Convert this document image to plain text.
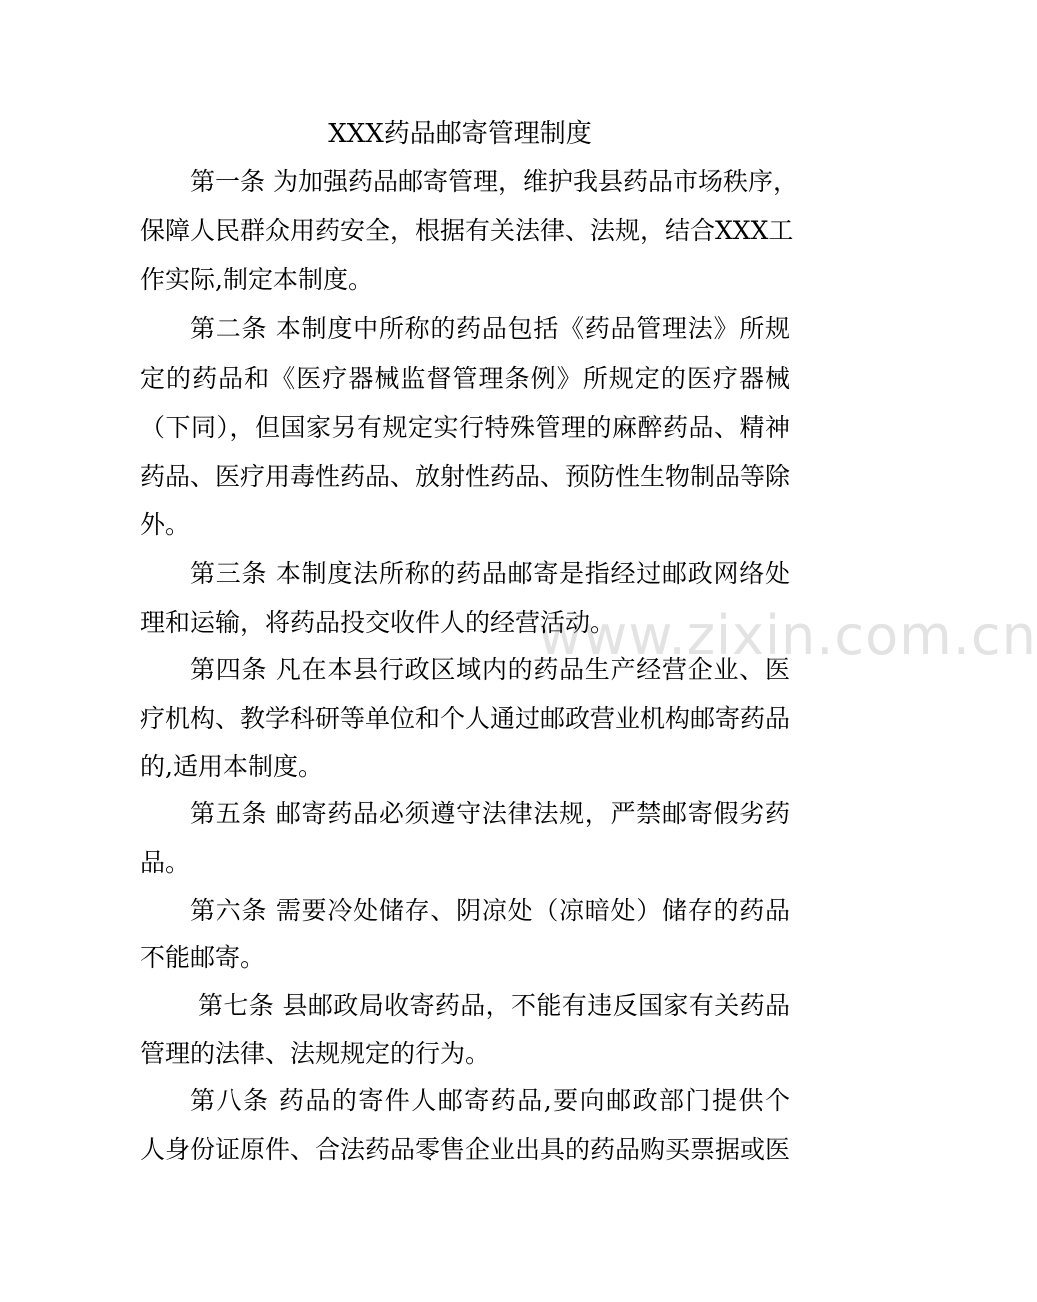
www.zixin.com.cn
XXX药品邮寄管理制度
第一条 为加强药品邮寄管理，维护我县药品市场秩序，
保障人民群众用药安全，根据有关法律、法规，结合XXX工
作实际,制定本制度。
第二条 本制度中所称的药品包括《药品管理法》所规
定的药品和《医疗器械监督管理条例》所规定的医疗器械
（下同），但国家另有规定实行特殊管理的麻醉药品、精神
药品、医疗用毒性药品、放射性药品、预防性生物制品等除
外。
第三条 本制度法所称的药品邮寄是指经过邮政网络处
理和运输，将药品投交收件人的经营活动。
第四条 凡在本县行政区域内的药品生产经营企业、医
疗机构、教学科研等单位和个人通过邮政营业机构邮寄药品
的,适用本制度。
第五条 邮寄药品必须遵守法律法规，严禁邮寄假劣药
品。
第六条 需要冷处储存、阴凉处（凉暗处）储存的药品
不能邮寄。
第七条 县邮政局收寄药品，不能有违反国家有关药品
管理的法律、法规规定的行为。
第八条 药品的寄件人邮寄药品,要向邮政部门提供个
人身份证原件、合法药品零售企业出具的药品购买票据或医
